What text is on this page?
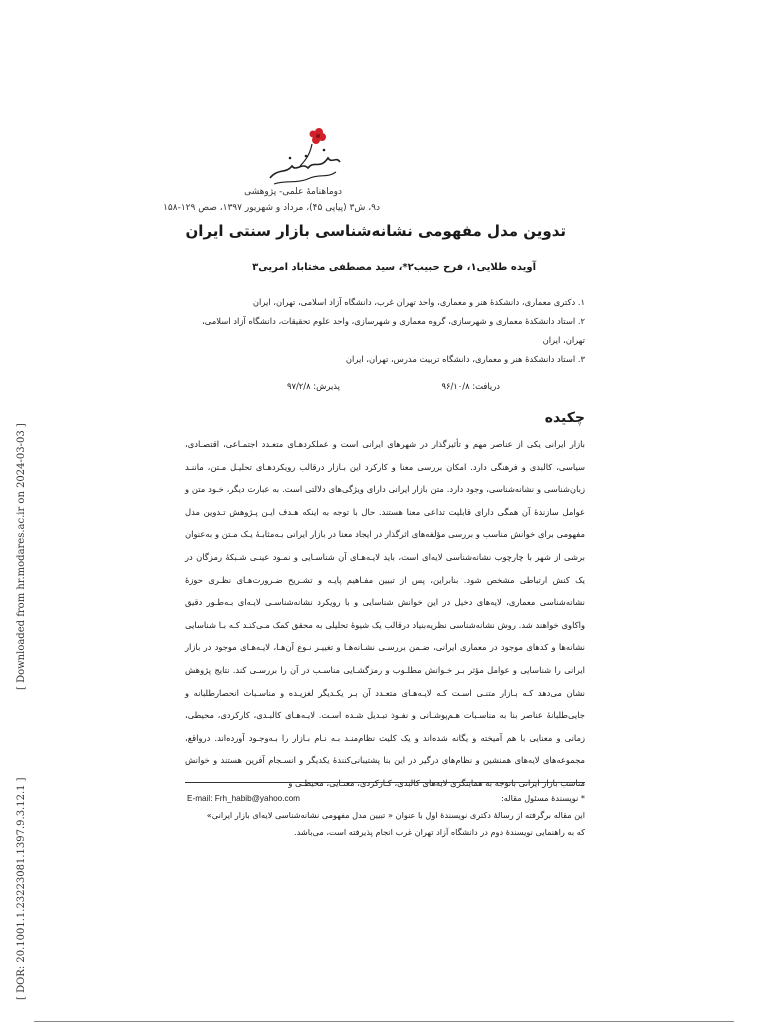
[ Downloaded from hr.modares.ac.ir on 2024-03-03 ]
[ DOR: 20.1001.1.23223081.1397.9.3.12.1 ]
دوماهنامهٔ علمی- پژوهشی
د۹، ش۳ (پیاپی ۴۵)، مرداد و شهریور ۱۳۹۷، صص ۱۲۹-۱۵۸
تدوین مدل مفهومی نشانه‌شناسی بازار سنتی ایران
آویده طلایی۱، فرح حبیب۲*، سید مصطفی مختاباد امریی۳
۱. دکتری معماری، دانشکدهٔ هنر و معماری، واحد تهران غرب، دانشگاه آزاد اسلامی، تهران، ایران
۲. استاد دانشکدهٔ معماری و شهرسازی، گروه معماری و شهرسازی، واحد علوم تحقیقات، دانشگاه آزاد اسلامی، تهران، ایران
۳. استاد دانشکدهٔ هنر و معماری، دانشگاه تربیت مدرس، تهران، ایران
دریافت: ۹۶/۱۰/۸
پذیرش: ۹۷/۲/۸
چکیده

بازار ایرانی یکی از عناصر مهم و تأثیرگذار در شهرهای ایرانی است و عملکردهـای متعـدد اجتمـاعی، اقتصـادی، سیاسی، کالبدی و فرهنگی دارد. امکان بررسی معنا و کارکرد این بـازار درقالب رویکردهـای تحلیـل مـتن، ماننـد زبان‌شناسی و نشانه‌شناسی، وجود دارد. متن بازار ایرانی دارای ویژگی‌های دلالتی است. به عبارت دیگر، خـود متن و عوامل سازندهٔ آن همگی دارای قابلیت تداعی معنا هستند. حال با توجه به اینکه هـدف ایـن پـژوهش تـدوین مدل مفهومی برای خوانش مناسب و بررسی مؤلفه‌های اثرگذار در ایجاد معنا در بازار ایرانی بـه‌مثابـهٔ یـک مـتن و به‌عنوان برشی از شهر با چارچوب نشانه‌شناسی لایه‌ای است، باید لایـه‌هـای آن شناسـایی و نمـود عینـی شـبکهٔ رمزگان در یک کنش ارتباطی مشخص شود. بنابراین، پس از تبیین مفـاهیم پایـه و تشـریح ضـرورت‌هـای نظـری حوزهٔ نشانه‌شناسی معماری، لایه‌های دخیل در این خوانش شناسایی و با رویکرد نشانه‌شناسـی لایـه‌ای بـه‌طـور دقیق واکاوی خواهند شد. روش نشانه‌شناسی نظریه‌بنیاد درقالب یک شیوهٔ تحلیلی به محقق کمک مـی‌کنـد کـه بـا شناسایی نشانه‌ها و کدهای موجود در معماری ایرانی، ضـمن بررسـی نشـانه‌هـا و تغییـر نـوع آن‌هـا، لایـه‌هـای موجود در بازار ایرانی را شناسایی و عوامل مؤثر بـر خـوانش مطلـوب و رمزگشـایی مناسـب در آن را بررسـی کند. نتایج پژوهش نشان می‌دهد کـه بـازار متنـی اسـت کـه لایـه‌هـای متعـدد آن بـر یکـدیگر لغزیـده و مناسـبات انحصارطلبانه و جایی‌طلبانهٔ عناصر بنا به مناسـبات هـم‌پوشـانی و نفـوذ تبـدیل شـده اسـت. لایـه‌هـای کالبـدی، کارکردی، محیطی، زمانی و معنایی با هم آمیخته و یگانه شده‌اند و یک کلیت نظام‌منـد بـه نـام بـازار را بـه‌وجـود آورده‌اند. درواقع، مجموعه‌های لایه‌های همنشین و نظام‌های درگیر در این بنا پشتیبانی‌کنندهٔ یکدیگر و انسـجام‌ آفرین هستند و خوانش

* نویسندهٔ مسئول مقاله:
E-mail: Frh_habib@yahoo.com
این مقاله برگرفته از رسالهٔ دکتری نویسندهٔ اول با عنوان « تبیین مدل مفهومی نشانه‌شناسی لایه‌ای بازار ایرانی»
که به راهنمایی نویسندهٔ دوم در دانشگاه آزاد تهران غرب انجام پذیرفته است، می‌باشد.
